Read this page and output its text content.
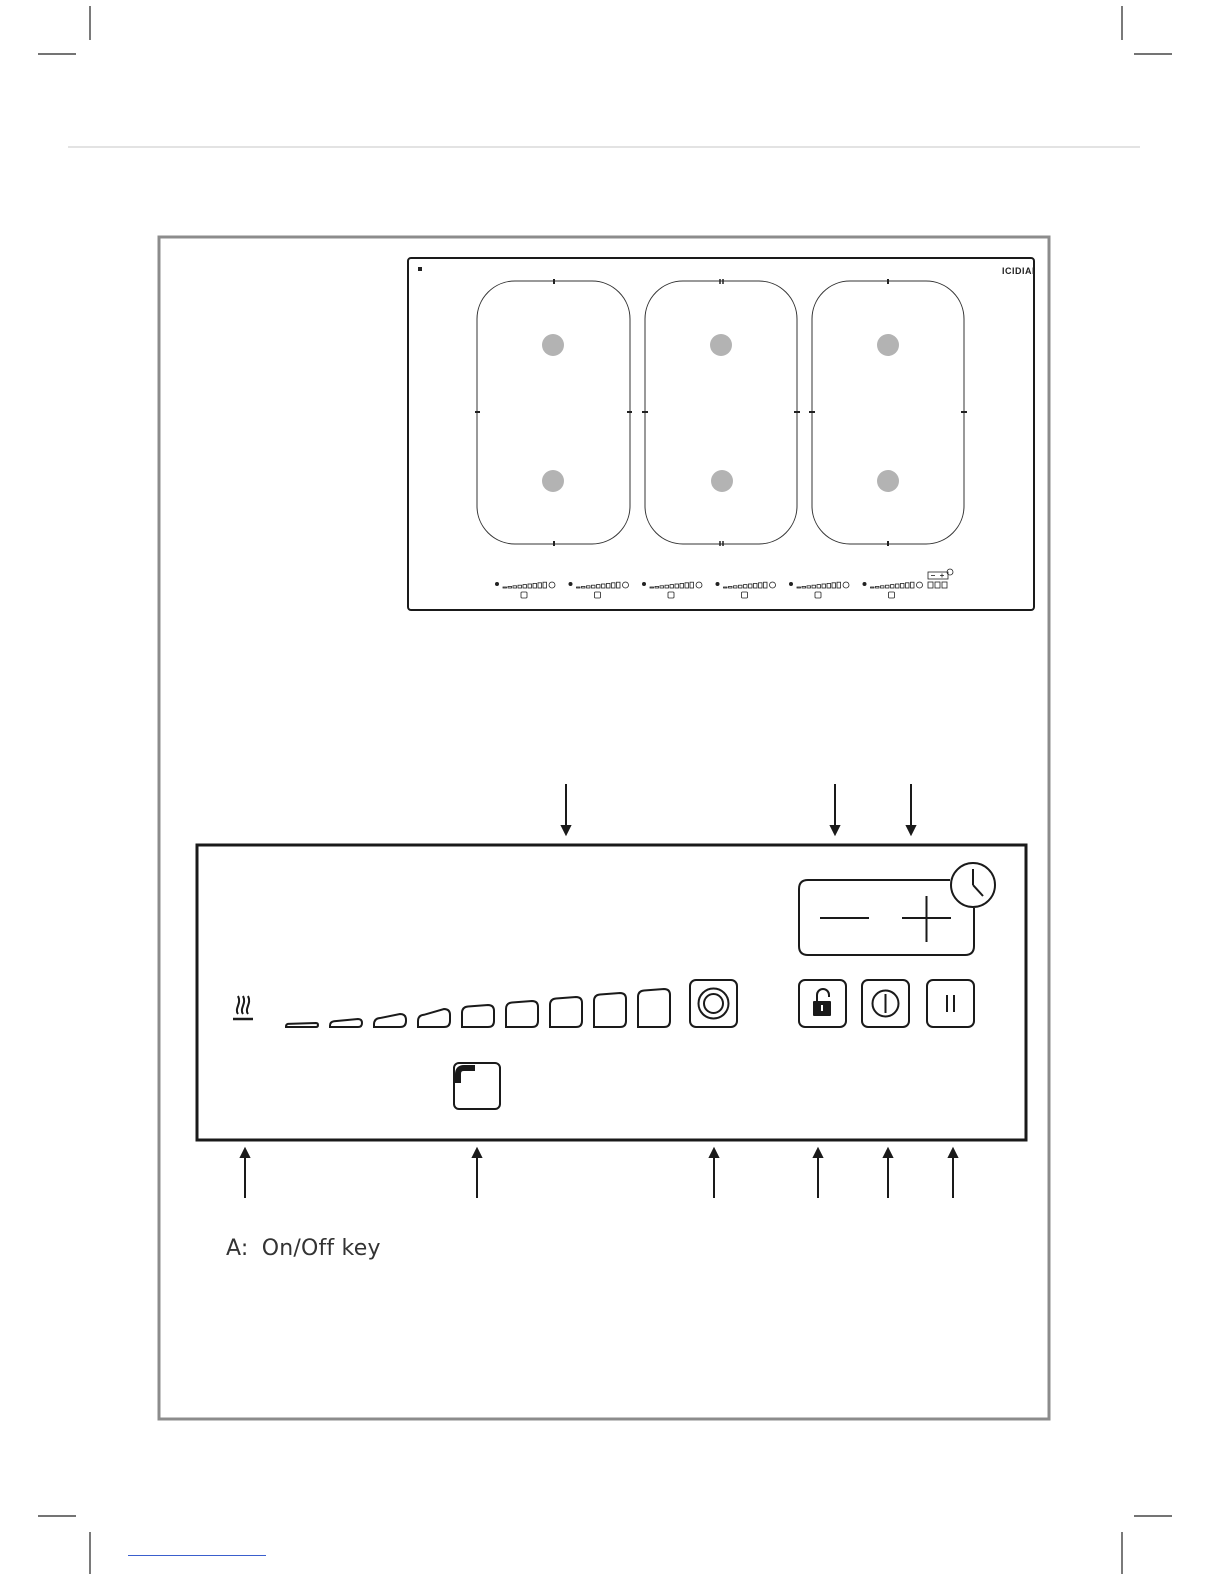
ICIDIAI
A: On/Off key
